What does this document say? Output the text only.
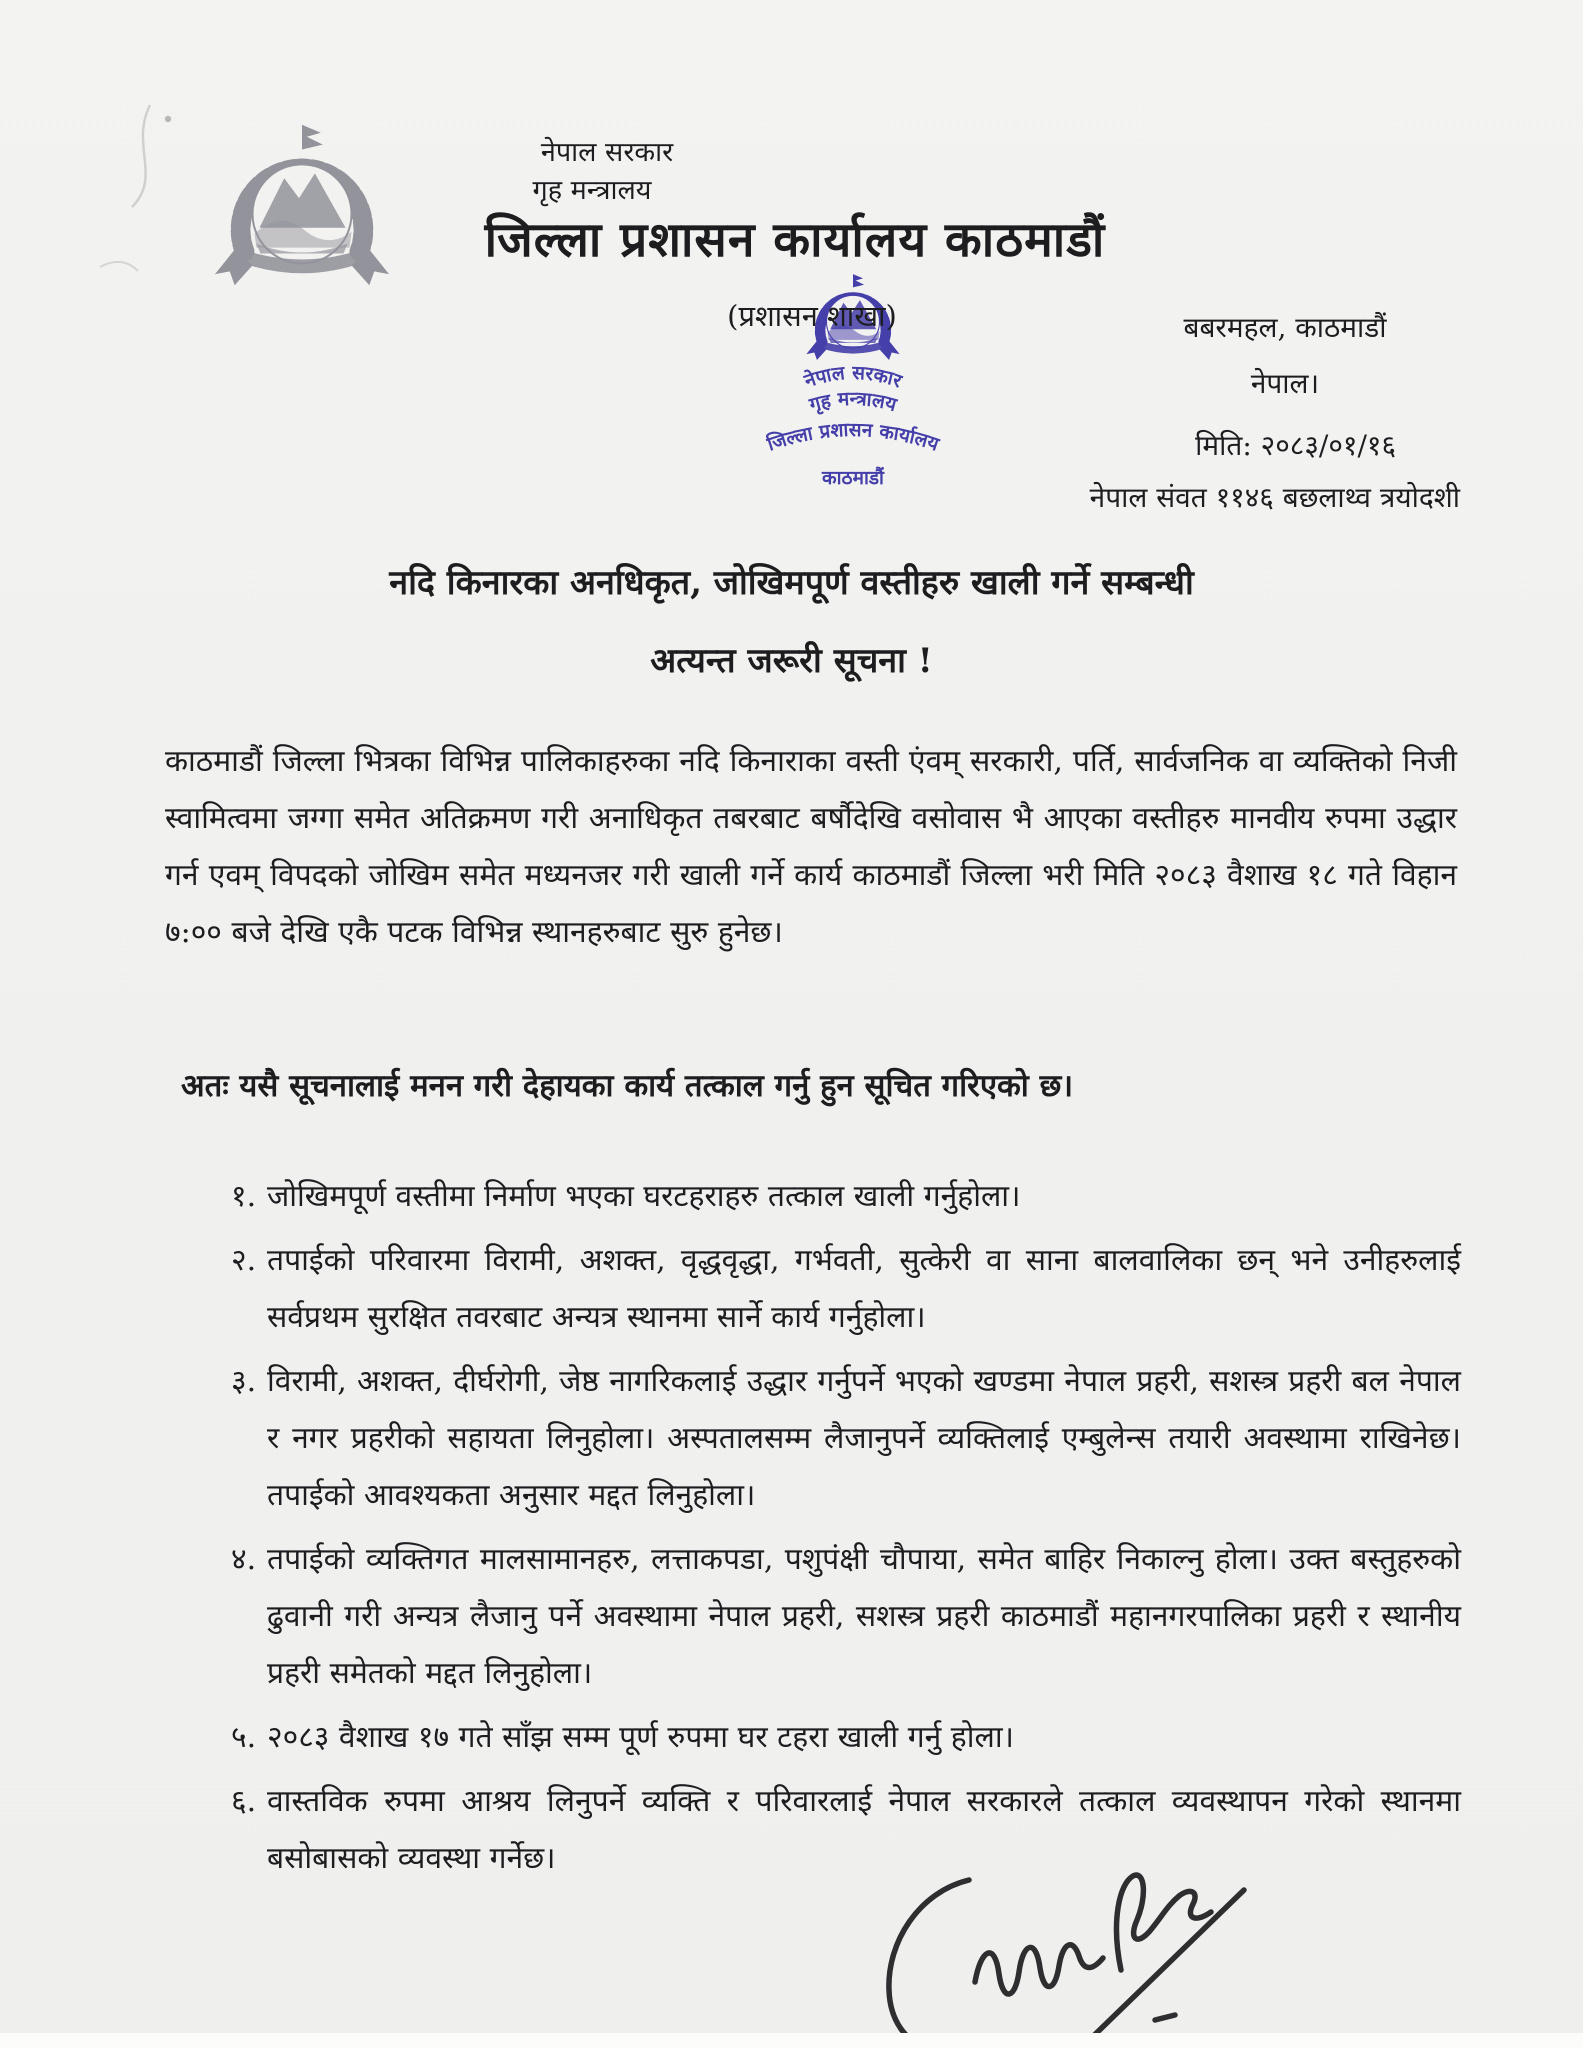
नेपाल सरकार
गृह मन्त्रालय
जिल्ला प्रशासन कार्यालय काठमाडौं
(प्रशासन शाखा)
नेपाल सरकार
गृह मन्त्रालय
जिल्ला प्रशासन कार्यालय
काठमाडौं
बबरमहल, काठमाडौं
नेपाल।
मिति: २०८३/०१/१६
नेपाल संवत ११४६ बछलाथ्व त्रयोदशी
नदि किनारका अनधिकृत, जोखिमपूर्ण वस्तीहरु खाली गर्ने सम्बन्धी
अत्यन्त जरूरी सूचना !
काठमाडौं जिल्ला भित्रका विभिन्न पालिकाहरुका नदि किनाराका वस्ती एंवम् सरकारी, पर्ति, सार्वजनिक वा व्यक्तिको निजी स्वामित्वमा जग्गा समेत अतिक्रमण गरी अनाधिकृत तबरबाट बर्षौदेखि वसोवास भै आएका वस्तीहरु मानवीय रुपमा उद्धार गर्न एवम् विपदको जोखिम समेत मध्यनजर गरी खाली गर्ने कार्य काठमाडौं जिल्ला भरी मिति २०८३ वैशाख १८ गते विहान ७:०० बजे देखि एकै पटक विभिन्न स्थानहरुबाट सुरु हुनेछ।
अतः यसै सूचनालाई मनन गरी देहायका कार्य तत्काल गर्नु हुन सूचित गरिएको छ।
१. जोखिमपूर्ण वस्तीमा निर्माण भएका घरटहराहरु तत्काल खाली गर्नुहोला।
२. तपाईको परिवारमा विरामी, अशक्त, वृद्धवृद्धा, गर्भवती, सुत्केरी वा साना बालवालिका छन् भने उनीहरुलाई सर्वप्रथम सुरक्षित तवरबाट अन्यत्र स्थानमा सार्ने कार्य गर्नुहोला।
३. विरामी, अशक्त, दीर्घरोगी, जेष्ठ नागरिकलाई उद्धार गर्नुपर्ने भएको खण्डमा नेपाल प्रहरी, सशस्त्र प्रहरी बल नेपाल र नगर प्रहरीको सहायता लिनुहोला। अस्पतालसम्म लैजानुपर्ने व्यक्तिलाई एम्बुलेन्स तयारी अवस्थामा राखिनेछ। तपाईको आवश्यकता अनुसार मद्दत लिनुहोला।
४. तपाईको व्यक्तिगत मालसामानहरु, लत्ताकपडा, पशुपंक्षी चौपाया, समेत बाहिर निकाल्नु होला। उक्त बस्तुहरुको ढुवानी गरी अन्यत्र लैजानु पर्ने अवस्थामा नेपाल प्रहरी, सशस्त्र प्रहरी काठमाडौं महानगरपालिका प्रहरी र स्थानीय प्रहरी समेतको मद्दत लिनुहोला।
५. २०८३ वैशाख १७ गते साँझ सम्म पूर्ण रुपमा घर टहरा खाली गर्नु होला।
६. वास्तविक रुपमा आश्रय लिनुपर्ने व्यक्ति र परिवारलाई नेपाल सरकारले तत्काल व्यवस्थापन गरेको स्थानमा बसोबासको व्यवस्था गर्नेछ।
